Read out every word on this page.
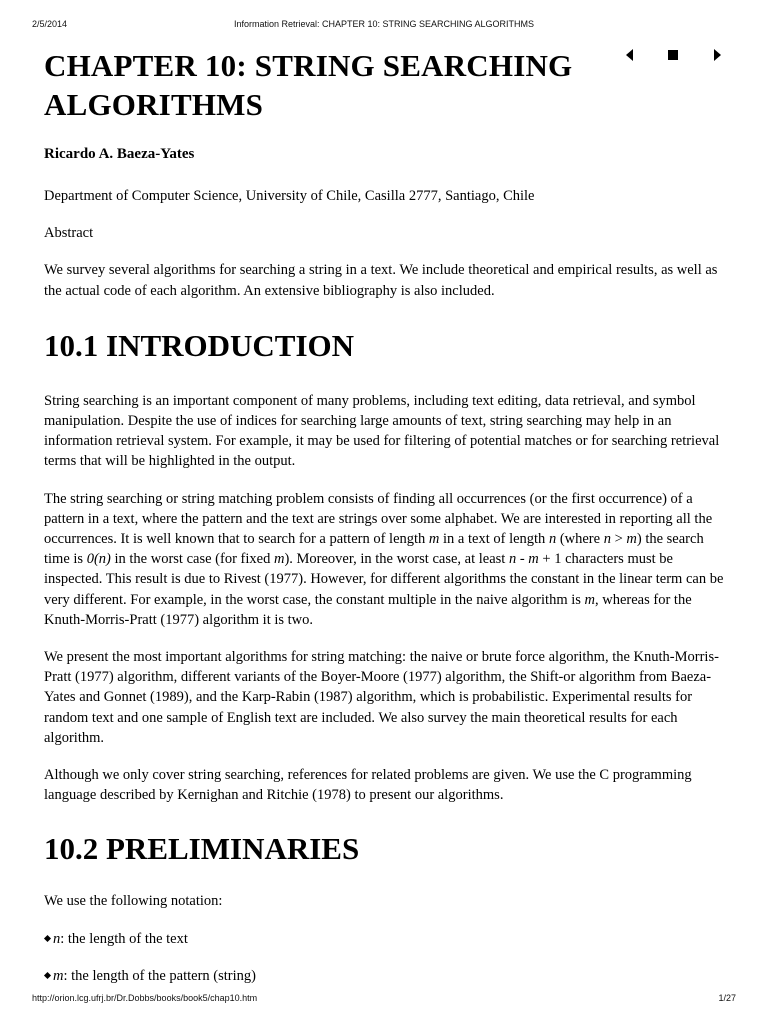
2/5/2014	Information Retrieval: CHAPTER 10: STRING SEARCHING ALGORITHMS
CHAPTER 10: STRING SEARCHING ALGORITHMS
Ricardo A. Baeza-Yates

Department of Computer Science, University of Chile, Casilla 2777, Santiago, Chile

Abstract

We survey several algorithms for searching a string in a text. We include theoretical and empirical results, as well as the actual code of each algorithm. An extensive bibliography is also included.

10.1 INTRODUCTION

String searching is an important component of many problems, including text editing, data retrieval, and symbol manipulation. Despite the use of indices for searching large amounts of text, string searching may help in an information retrieval system. For example, it may be used for filtering of potential matches or for searching retrieval terms that will be highlighted in the output.

The string searching or string matching problem consists of finding all occurrences (or the first occurrence) of a pattern in a text, where the pattern and the text are strings over some alphabet. We are interested in reporting all the occurrences. It is well known that to search for a pattern of length m in a text of length n (where n > m) the search time is 0(n) in the worst case (for fixed m). Moreover, in the worst case, at least n - m + 1 characters must be inspected. This result is due to Rivest (1977). However, for different algorithms the constant in the linear term can be very different. For example, in the worst case, the constant multiple in the naive algorithm is m, whereas for the Knuth-Morris-Pratt (1977) algorithm it is two.

We present the most important algorithms for string matching: the naive or brute force algorithm, the Knuth-Morris-Pratt (1977) algorithm, different variants of the Boyer-Moore (1977) algorithm, the Shift-or algorithm from Baeza-Yates and Gonnet (1989), and the Karp-Rabin (1987) algorithm, which is probabilistic. Experimental results for random text and one sample of English text are included. We also survey the main theoretical results for each algorithm.

Although we only cover string searching, references for related problems are given. We use the C programming language described by Kernighan and Ritchie (1978) to present our algorithms.

10.2 PRELIMINARIES

We use the following notation:

n: the length of the text
m: the length of the pattern (string)
http://orion.lcg.ufrj.br/Dr.Dobbs/books/book5/chap10.htm	1/27
